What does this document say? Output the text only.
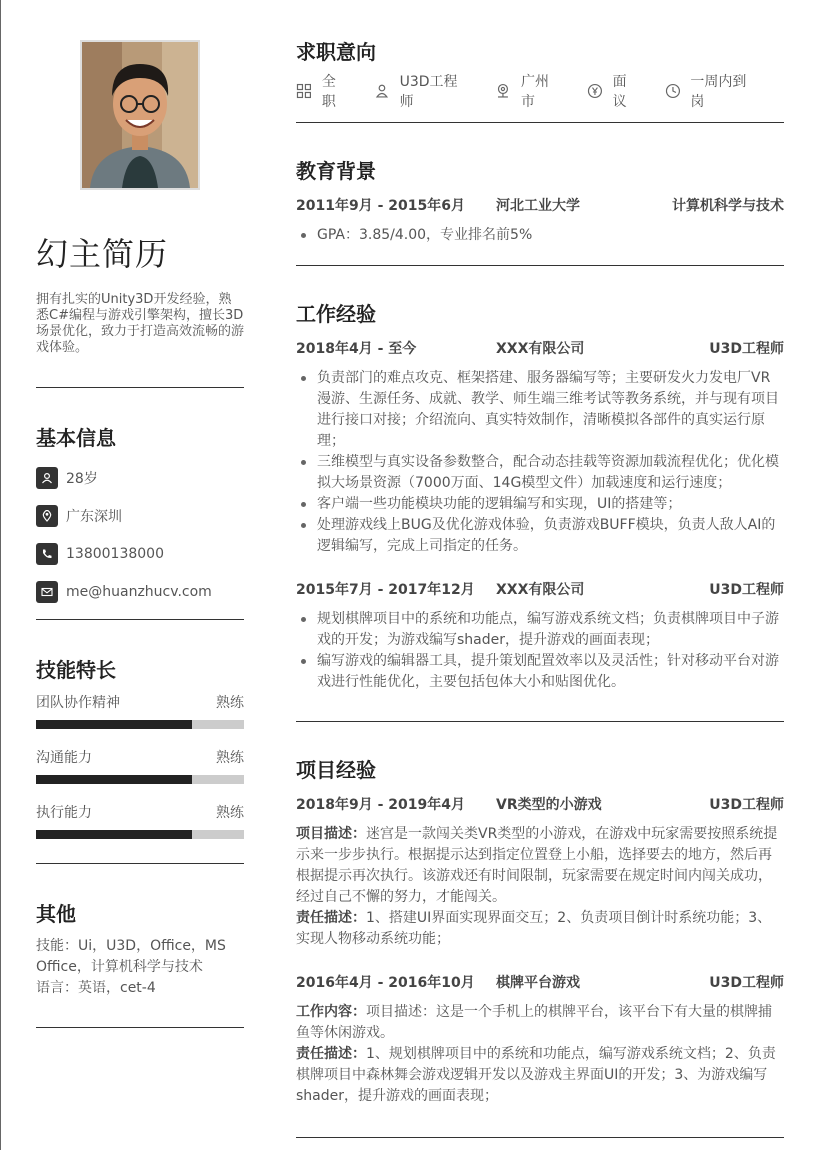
幻主简历
拥有扎实的Unity3D开发经验，熟悉C#编程与游戏引擎架构，擅长3D场景优化，致力于打造高效流畅的游戏体验。
基本信息
28岁
广东深圳
13800138000
me@huanzhucv.com
技能特长
团队协作精神	熟练
沟通能力	熟练
执行能力	熟练
其他
技能：Ui，U3D，Office，MS Office，计算机科学与技术
语言：英语，cet-4
求职意向
全职
U3D工程师
广州市
面议
一周内到岗
教育背景
2011年9月 - 2015年6月	河北工业大学	计算机科学与技术
GPA：3.85/4.00，专业排名前5%
工作经验
2018年4月 - 至今	XXX有限公司	U3D工程师
负责部门的难点攻克、框架搭建、服务器编写等；主要研发火力发电厂VR漫游、生源任务、成就、教学、师生端三维考试等教务系统，并与现有项目进行接口对接；介绍流向、真实特效制作，清晰模拟各部件的真实运行原理；
三维模型与真实设备参数整合，配合动态挂载等资源加载流程优化；优化模拟大场景资源（7000万面、14G模型文件）加载速度和运行速度；
客户端一些功能模块功能的逻辑编写和实现，UI的搭建等；
处理游戏线上BUG及优化游戏体验，负责游戏BUFF模块，负责人敌人AI的逻辑编写，完成上司指定的任务。
2015年7月 - 2017年12月	XXX有限公司	U3D工程师
规划棋牌项目中的系统和功能点，编写游戏系统文档；负责棋牌项目中子游戏的开发；为游戏编写shader，提升游戏的画面表现；
编写游戏的编辑器工具，提升策划配置效率以及灵活性；针对移动平台对游戏进行性能优化，主要包括包体大小和贴图优化。
项目经验
2018年9月 - 2019年4月	VR类型的小游戏	U3D工程师
项目描述：迷宫是一款闯关类VR类型的小游戏，在游戏中玩家需要按照系统提示来一步步执行。根据提示达到指定位置登上小船，选择要去的地方，然后再根据提示再次执行。该游戏还有时间限制，玩家需要在规定时间内闯关成功，经过自己不懈的努力，才能闯关。
责任描述：1、搭建UI界面实现界面交互；2、负责项目倒计时系统功能；3、实现人物移动系统功能；
2016年4月 - 2016年10月	棋牌平台游戏	U3D工程师
工作内容：项目描述：这是一个手机上的棋牌平台，该平台下有大量的棋牌捕鱼等休闲游戏。
责任描述：1、规划棋牌项目中的系统和功能点，编写游戏系统文档；2、负责棋牌项目中森林舞会游戏逻辑开发以及游戏主界面UI的开发；3、为游戏编写shader，提升游戏的画面表现；
